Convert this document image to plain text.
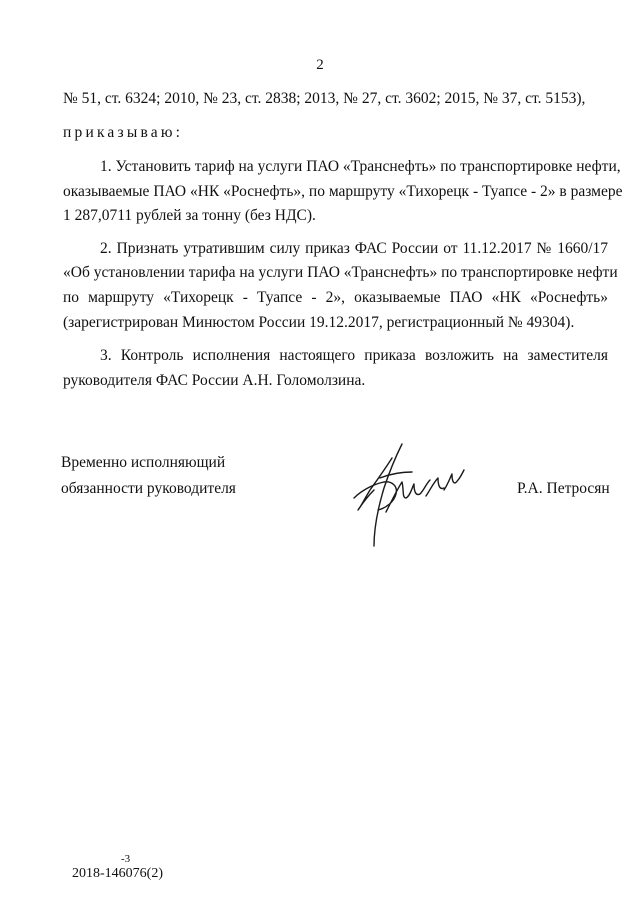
2
№ 51, ст. 6324; 2010, № 23, ст. 2838; 2013, № 27, ст. 3602; 2015, № 37, ст. 5153),
приказываю:
1. Установить тариф на услуги ПАО «Транснефть» по транспортировке нефти,
оказываемые ПАО «НК «Роснефть», по маршруту «Тихорецк - Туапсе - 2» в размере
1 287,0711 рублей за тонну (без НДС).
2. Признать утратившим силу приказ ФАС России от 11.12.2017 № 1660/17
«Об установлении тарифа на услуги ПАО «Транснефть» по транспортировке нефти
по маршруту «Тихорецк - Туапсе - 2», оказываемые ПАО «НК «Роснефть»
(зарегистрирован Минюстом России 19.12.2017, регистрационный № 49304).
3. Контроль исполнения настоящего приказа возложить на заместителя
руководителя ФАС России А.Н. Голомолзина.
Временно исполняющий
обязанности руководителя	Р.А. Петросян
-3
2018-146076(2)
